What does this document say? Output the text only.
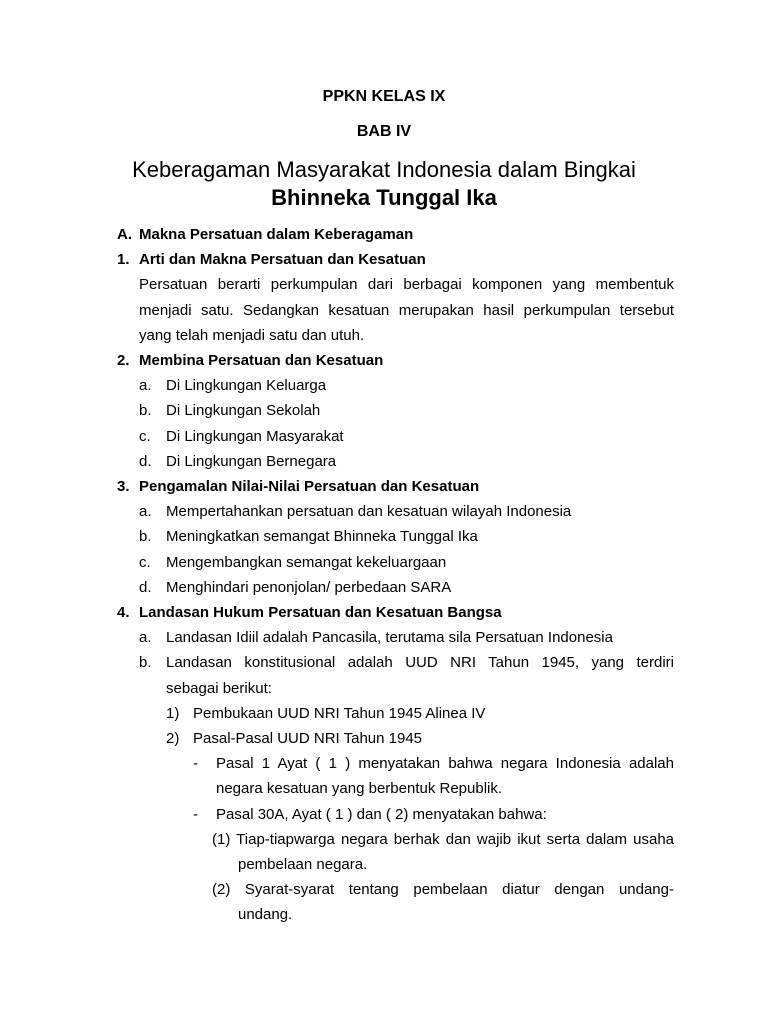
PPKN KELAS IX
BAB IV
Keberagaman Masyarakat Indonesia dalam Bingkai
Bhinneka Tunggal Ika
A. Makna Persatuan dalam Keberagaman
1. Arti dan Makna Persatuan dan Kesatuan
Persatuan berarti perkumpulan dari berbagai komponen yang membentuk
menjadi satu. Sedangkan kesatuan merupakan hasil perkumpulan tersebut
yang telah menjadi satu dan utuh.
2. Membina Persatuan dan Kesatuan
a. Di Lingkungan Keluarga
b. Di Lingkungan Sekolah
c. Di Lingkungan Masyarakat
d. Di Lingkungan Bernegara
3. Pengamalan Nilai-Nilai Persatuan dan Kesatuan
a. Mempertahankan persatuan dan kesatuan wilayah Indonesia
b. Meningkatkan semangat Bhinneka Tunggal Ika
c. Mengembangkan semangat kekeluargaan
d. Menghindari penonjolan/ perbedaan SARA
4. Landasan Hukum Persatuan dan Kesatuan Bangsa
a. Landasan Idiil adalah Pancasila, terutama sila Persatuan Indonesia
b. Landasan konstitusional adalah UUD NRI Tahun 1945, yang terdiri
sebagai berikut:
1) Pembukaan UUD NRI Tahun 1945 Alinea IV
2) Pasal-Pasal UUD NRI Tahun 1945
- Pasal 1 Ayat ( 1 ) menyatakan bahwa negara Indonesia adalah
negara kesatuan yang berbentuk Republik.
- Pasal 30A, Ayat ( 1 ) dan ( 2) menyatakan bahwa:
(1) Tiap-tiapwarga negara berhak dan wajib ikut serta dalam usaha
pembelaan negara.
(2) Syarat-syarat tentang pembelaan diatur dengan undang-
undang.
